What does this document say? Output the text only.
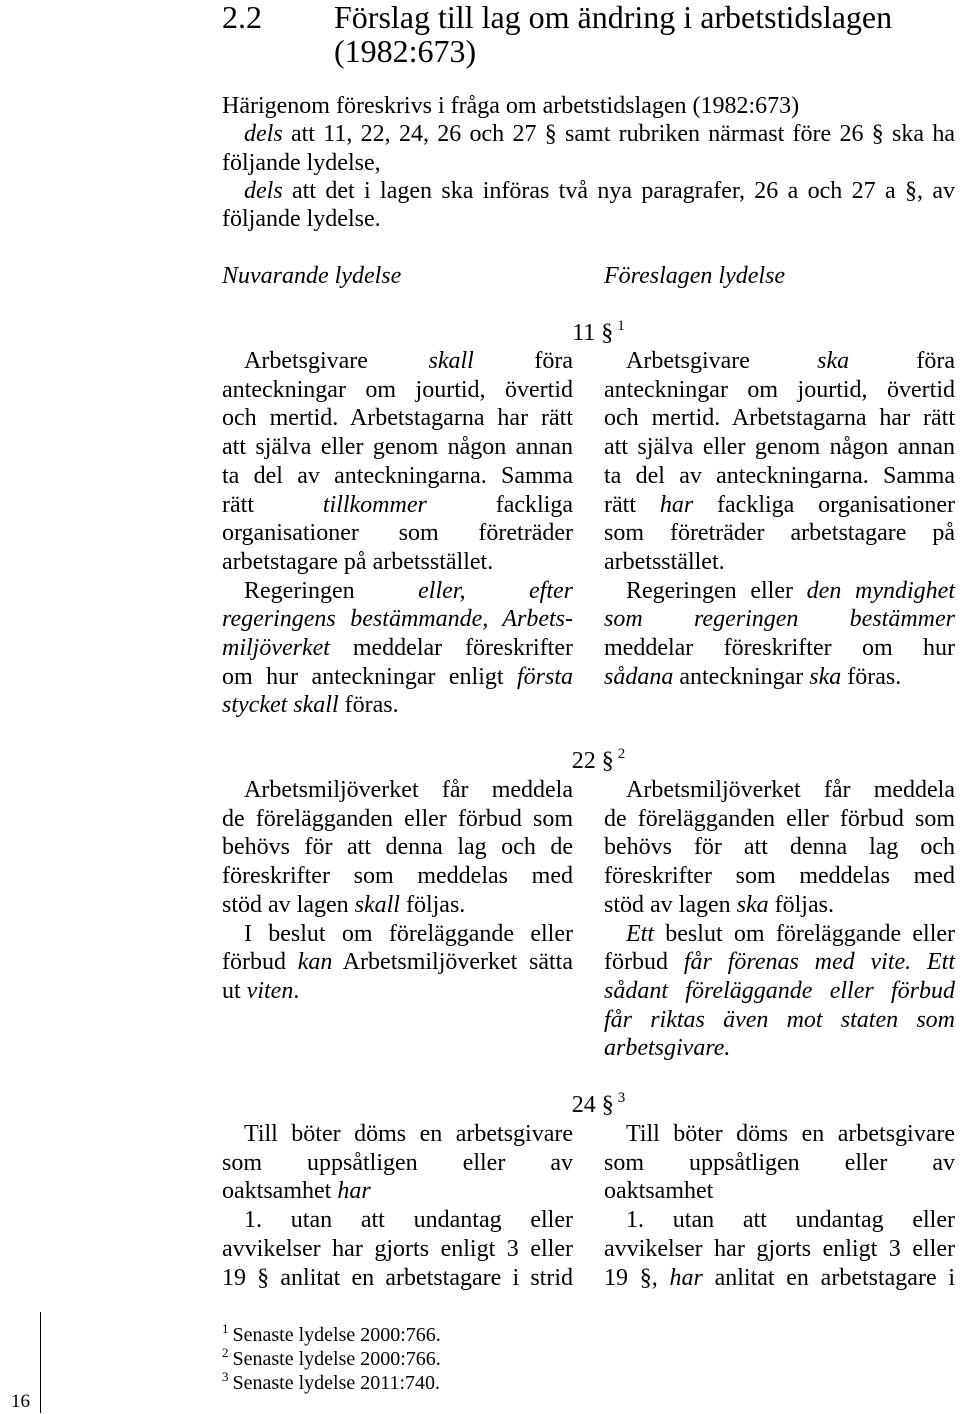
2.2 Förslag till lag om ändring i arbetstidslagen
(1982:673)
Härigenom föreskrivs i fråga om arbetstidslagen (1982:673)
dels att 11, 22, 24, 26 och 27 § samt rubriken närmast före 26 § ska ha
följande lydelse,
dels att det i lagen ska införas två nya paragrafer, 26 a och 27 a §, av
följande lydelse.
Nuvarande lydelse	Föreslagen lydelse
11 § $^1$
Arbetsgivare skall föra
anteckningar om jourtid, övertid
och mertid. Arbetstagarna har rätt
att själva eller genom någon annan
ta del av anteckningarna. Samma
rätt tillkommer fackliga
organisationer som företräder
arbetstagare på arbetsstället.
Regeringen eller, efter
regeringens bestämmande, Arbets-
miljöverket meddelar föreskrifter
om hur anteckningar enligt första
stycket skall föras.
Arbetsgivare ska föra
anteckningar om jourtid, övertid
och mertid. Arbetstagarna har rätt
att själva eller genom någon annan
ta del av anteckningarna. Samma
rätt har fackliga organisationer
som företräder arbetstagare på
arbetsstället.
Regeringen eller den myndighet
som regeringen bestämmer
meddelar föreskrifter om hur
sådana anteckningar ska föras.
22 § $^2$
Arbetsmiljöverket får meddela
de förelägganden eller förbud som
behövs för att denna lag och de
föreskrifter som meddelas med
stöd av lagen skall följas.
I beslut om föreläggande eller
förbud kan Arbetsmiljöverket sätta
ut viten.
Arbetsmiljöverket får meddela
de förelägganden eller förbud som
behövs för att denna lag och
föreskrifter som meddelas med
stöd av lagen ska följas.
Ett beslut om föreläggande eller
förbud får förenas med vite. Ett
sådant föreläggande eller förbud
får riktas även mot staten som
arbetsgivare.
24 § $^3$
Till böter döms en arbetsgivare
som uppsåtligen eller av
oaktsamhet har
1. utan att undantag eller
avvikelser har gjorts enligt 3 eller
19 § anlitat en arbetstagare i strid
Till böter döms en arbetsgivare
som uppsåtligen eller av
oaktsamhet
1. utan att undantag eller
avvikelser har gjorts enligt 3 eller
19 §, har anlitat en arbetstagare i
$^1$ Senaste lydelse 2000:766.
$^2$ Senaste lydelse 2000:766.
$^3$ Senaste lydelse 2011:740.
16
